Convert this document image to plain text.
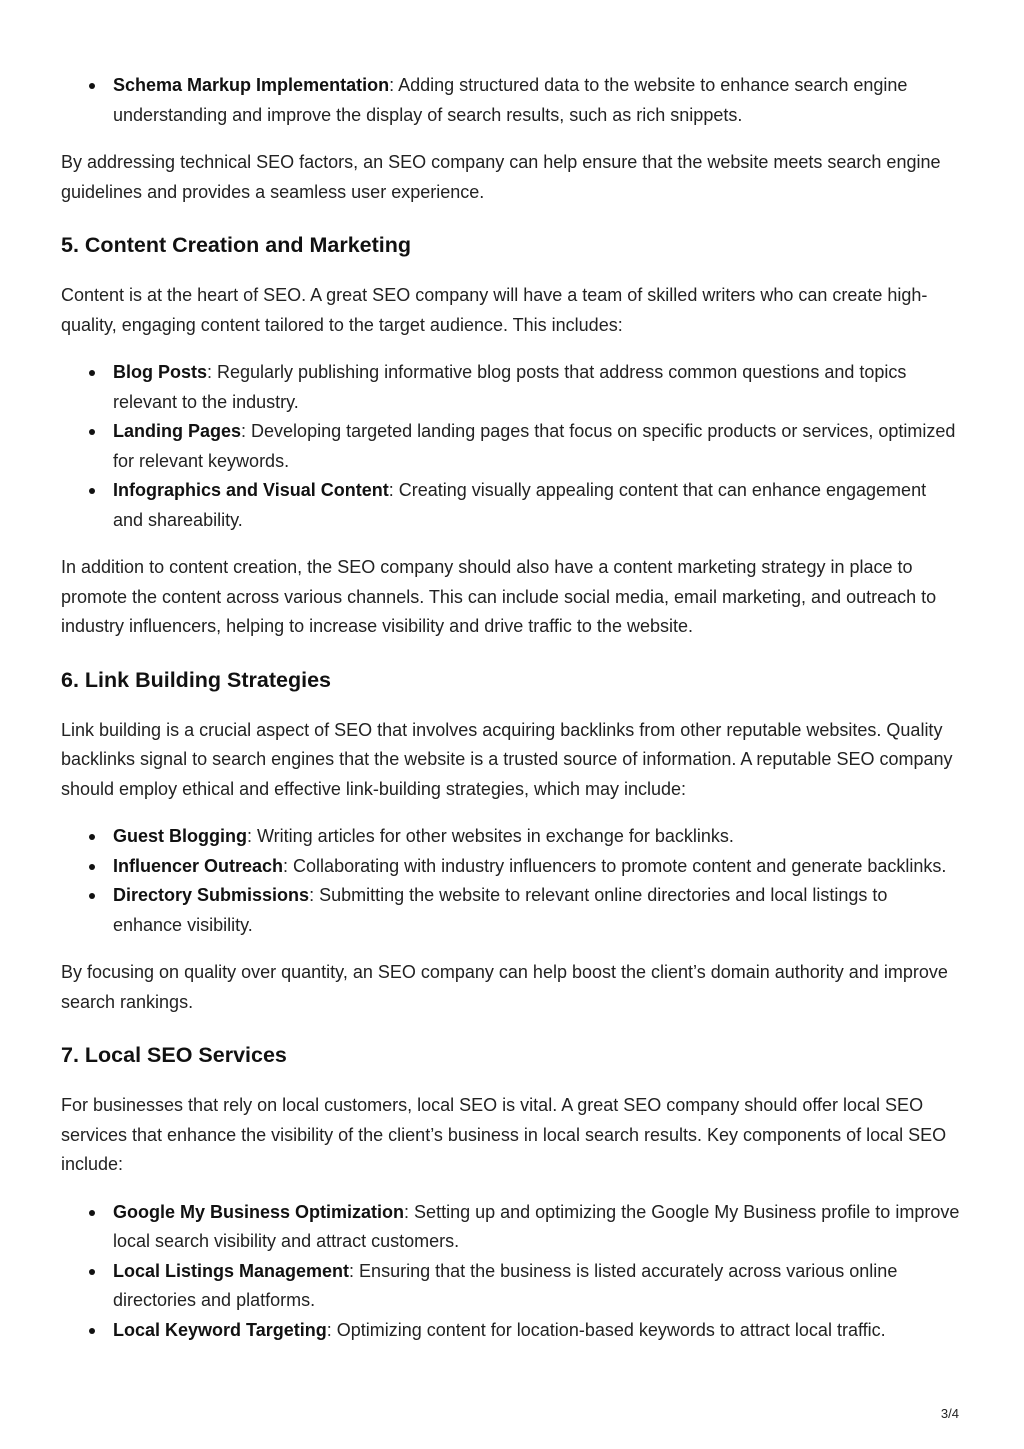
Schema Markup Implementation: Adding structured data to the website to enhance search engine understanding and improve the display of search results, such as rich snippets.

By addressing technical SEO factors, an SEO company can help ensure that the website meets search engine guidelines and provides a seamless user experience.

5. Content Creation and Marketing

Content is at the heart of SEO. A great SEO company will have a team of skilled writers who can create high-quality, engaging content tailored to the target audience. This includes:

Blog Posts: Regularly publishing informative blog posts that address common questions and topics relevant to the industry.
Landing Pages: Developing targeted landing pages that focus on specific products or services, optimized for relevant keywords.
Infographics and Visual Content: Creating visually appealing content that can enhance engagement and shareability.

In addition to content creation, the SEO company should also have a content marketing strategy in place to promote the content across various channels. This can include social media, email marketing, and outreach to industry influencers, helping to increase visibility and drive traffic to the website.

6. Link Building Strategies

Link building is a crucial aspect of SEO that involves acquiring backlinks from other reputable websites. Quality backlinks signal to search engines that the website is a trusted source of information. A reputable SEO company should employ ethical and effective link-building strategies, which may include:

Guest Blogging: Writing articles for other websites in exchange for backlinks.
Influencer Outreach: Collaborating with industry influencers to promote content and generate backlinks.
Directory Submissions: Submitting the website to relevant online directories and local listings to enhance visibility.

By focusing on quality over quantity, an SEO company can help boost the client’s domain authority and improve search rankings.

7. Local SEO Services

For businesses that rely on local customers, local SEO is vital. A great SEO company should offer local SEO services that enhance the visibility of the client’s business in local search results. Key components of local SEO include:

Google My Business Optimization: Setting up and optimizing the Google My Business profile to improve local search visibility and attract customers.
Local Listings Management: Ensuring that the business is listed accurately across various online directories and platforms.
Local Keyword Targeting: Optimizing content for location-based keywords to attract local traffic.
3/4
